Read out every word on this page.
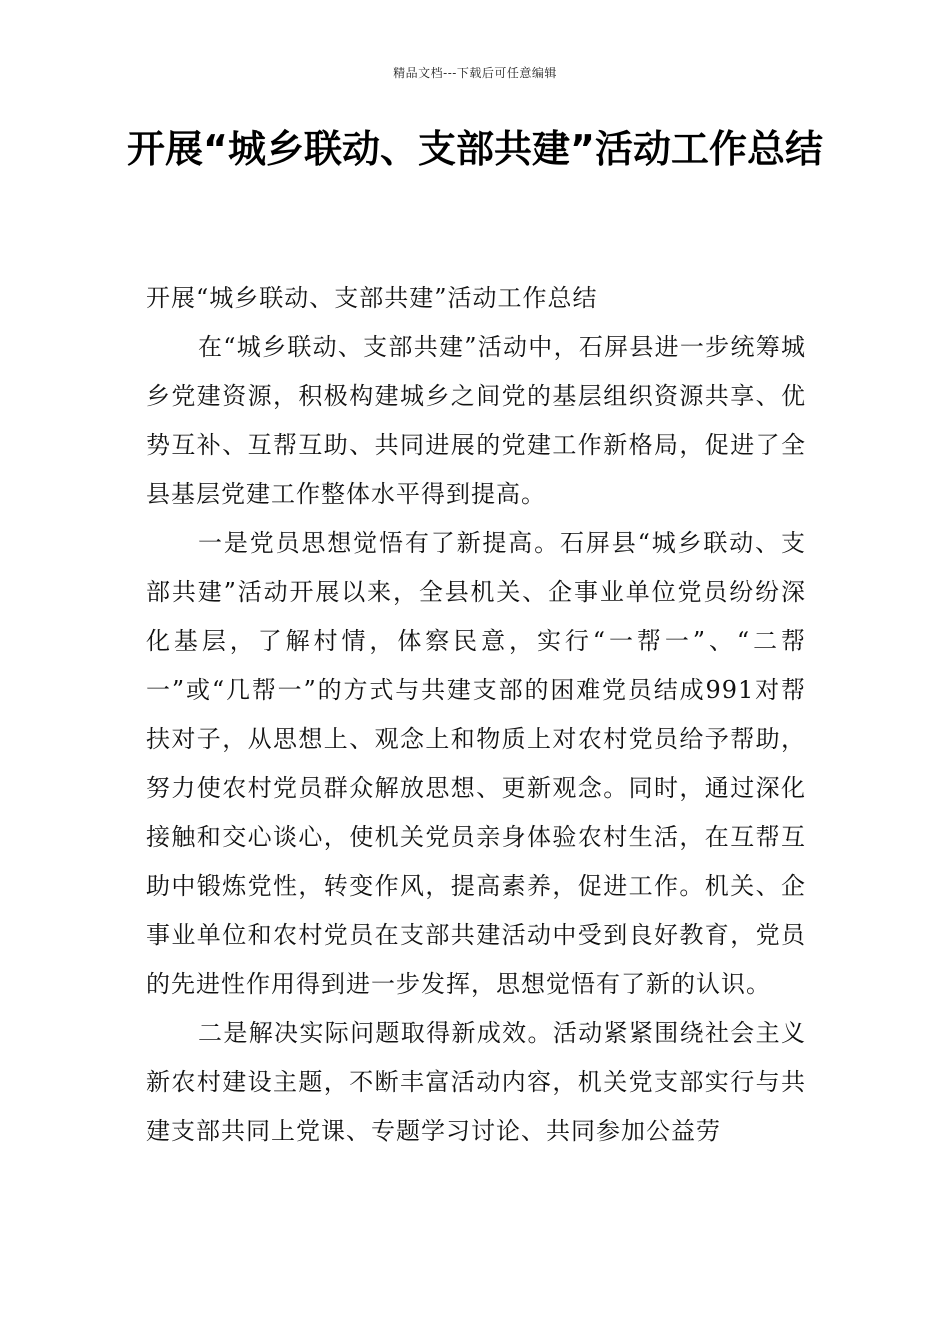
精品文档---下载后可任意编辑
开展“城乡联动、支部共建”活动工作总结

开展“城乡联动、支部共建”活动工作总结

在“城乡联动、支部共建”活动中，石屏县进一步统筹城乡党建资源，积极构建城乡之间党的基层组织资源共享、优势互补、互帮互助、共同进展的党建工作新格局，促进了全县基层党建工作整体水平得到提高。

一是党员思想觉悟有了新提高。石屏县“城乡联动、支部共建”活动开展以来，全县机关、企事业单位党员纷纷深化基层，了解村情，体察民意，实行“一帮一”、“二帮一”或“几帮一”的方式与共建支部的困难党员结成991对帮扶对子，从思想上、观念上和物质上对农村党员给予帮助，努力使农村党员群众解放思想、更新观念。同时，通过深化接触和交心谈心，使机关党员亲身体验农村生活，在互帮互助中锻炼党性，转变作风，提高素养，促进工作。机关、企事业单位和农村党员在支部共建活动中受到良好教育，党员的先进性作用得到进一步发挥，思想觉悟有了新的认识。

二是解决实际问题取得新成效。活动紧紧围绕社会主义新农村建设主题，不断丰富活动内容，机关党支部实行与共建支部共同上党课、专题学习讨论、共同参加公益劳
